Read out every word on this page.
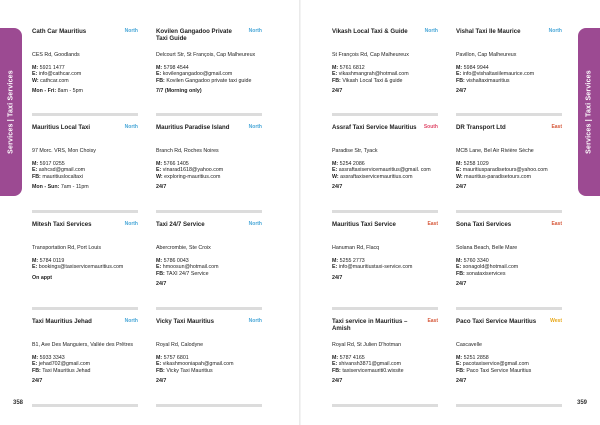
Services | Taxi Services	Services | Taxi Services
Cath Car Mauritius	North
CES Rd, Goodlands
M: 5921 1477
E: info@cathcar.com
W: cathcar.com
Mon - Fri: 8am - 5pm
Kovilen Gangadoo Private Taxi Guide
North
Delcourt Str, St François, Cap Malheureux
M: 5798 4544
E: kovilengangadoo@gmail.com
FB: Kovilen Gangadoo private taxi guide
7/7 (Morning only)
Vikash Local Taxi & Guide	North
St François Rd, Cap Malheureux
M: 5761 6812
E: vikashmangrah@hotmail.com
FB: Vikash Local Taxi & guide
24/7
Vishal Taxi Ile Maurice	North
Pavillon, Cap Malheureux
M: 5984 9944
E: info@vishaltaxiilemaurice.com
FB: vishaltaximauritius
24/7
Mauritius Local Taxi	North
97 Morc. VRS, Mon Choisy
M: 5917 0255
E: ashcsd@gmail.com
FB: mauritiuslocaltaxi
Mon - Sun: 7am - 11pm
Mauritius Paradise Island	North
Branch Rd, Roches Noires
M: 5766 1405
E: vinarad1618@yahoo.com
W: exploring-mauritius.com
24/7
Assraf Taxi Service Mauritius	South
Paradise Str, Tyack
M: 5254 2086
E: assraftaxiservicemauritius@gmail. com
W: assraftaxiservicemauritius.com
24/7
DR Transport Ltd	East
MCB Lane, Bel Air Rivière Sèche
M: 5258 1029
E: mauritiusparadisetours@yahoo.com
W: mauritius-paradisetours.com
24/7
Mitesh Taxi Services	North
Transportation Rd, Port Louis
M: 5784 0119
E: bookings@taxiservicemauritius.com
On appt
Taxi 24/7 Service	North
Abercrombie, Ste Croix
M: 5786 0043
E: hmoosun@hotmail.com
FB: TAXI 24/7 Service
24/7
Mauritius Taxi Service	East
Hanuman Rd, Flacq
M: 5255 2773
E: info@mauritiustaxi-service.com
24/7
Sona Taxi Services	East
Solana Beach, Belle Mare
M: 5760 3340
E: sonagold@hotmail.com
FB: sonataxiservices
24/7
Taxi Mauritius Jehad	North
B1, Ave Des Manguiers, Vallée des Prêtres
M: 5933 3343
E: jehad702@gmail.com
FB: Taxi Mauritius Jehad
24/7
Vicky Taxi Mauritius	North
Royal Rd, Calodyne
M: 5757 6801
E: vikashmooniapah@gmail.com
FB: Vicky Taxi Mauritius
24/7
Taxi service in Mauritius – Amish
East
Royal Rd, St Julien D'hotman
M: 5787 4165
E: shivansh3871@gmail.com
FB: taxiservicemauriti0.wixsite
24/7
Paco Taxi Service Mauritius	West
Cascavelle
M: 5251 2858
E: pacotaxiservice@gmail.com
FB: Paco Taxi Service Mauritius
24/7
358	359
